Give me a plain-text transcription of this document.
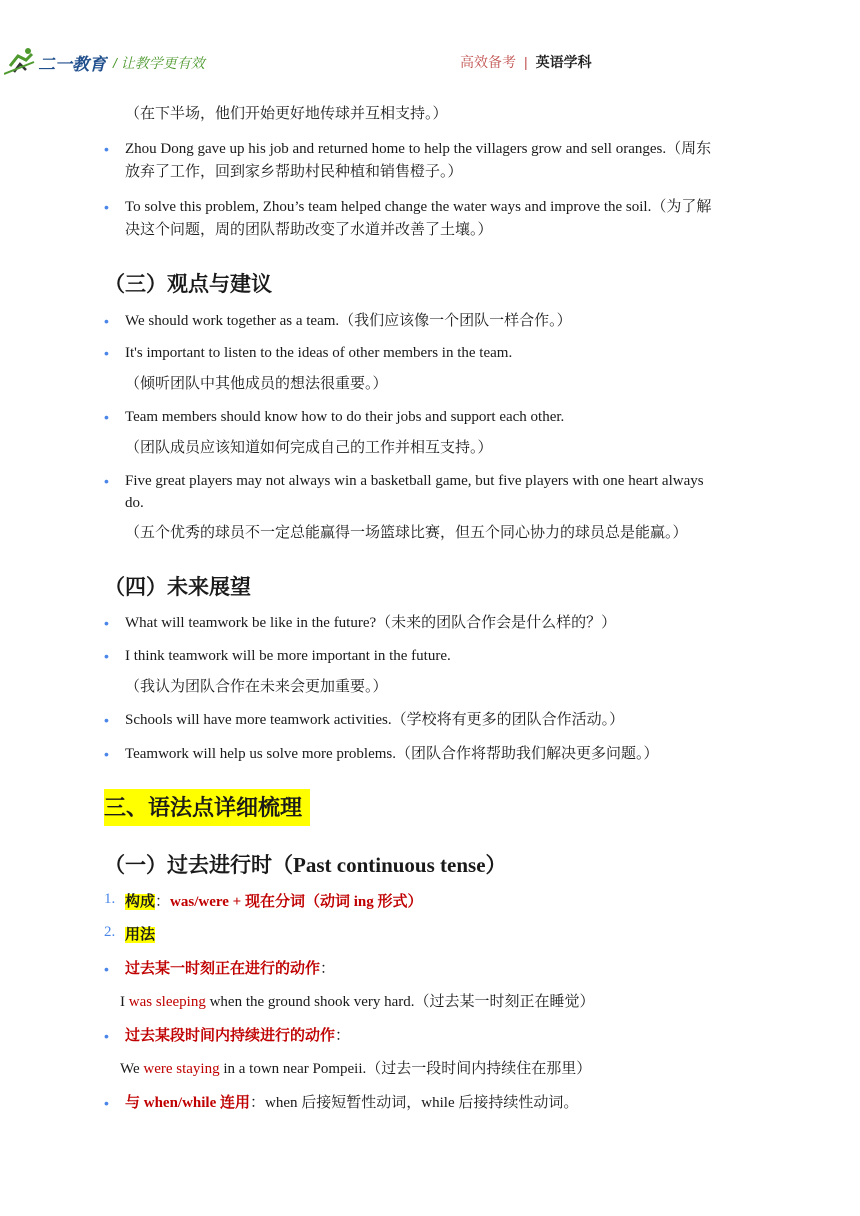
二一教育 / 让教学更有效	高效备考 | 英语学科
（在下半场，他们开始更好地传球并互相支持。）
• Zhou Dong gave up his job and returned home to help the villagers grow and sell oranges.（周东
放弃了工作，回到家乡帮助村民种植和销售橙子。）
• To solve this problem, Zhou’s team helped change the water ways and improve the soil.（为了解
决这个问题，周的团队帮助改变了水道并改善了土壤。）
（三）观点与建议
• We should work together as a team.（我们应该像一个团队一样合作。）
• It's important to listen to the ideas of other members in the team.
（倾听团队中其他成员的想法很重要。）
• Team members should know how to do their jobs and support each other.
（团队成员应该知道如何完成自己的工作并相互支持。）
• Five great players may not always win a basketball game, but five players with one heart always
do.
（五个优秀的球员不一定总能赢得一场篮球比赛，但五个同心协力的球员总是能赢。）
（四）未来展望
• What will teamwork be like in the future?（未来的团队合作会是什么样的？）
• I think teamwork will be more important in the future.
（我认为团队合作在未来会更加重要。）
• Schools will have more teamwork activities.（学校将有更多的团队合作活动。）
• Teamwork will help us solve more problems.（团队合作将帮助我们解决更多问题。）
三、语法点详细梳理
（一）过去进行时（Past continuous tense）
1. 构成：was/were + 现在分词（动词 ing 形式）
2. 用法
• 过去某一时刻正在进行的动作：
I was sleeping when the ground shook very hard.（过去某一时刻正在睡觉）
• 过去某段时间内持续进行的动作：
We were staying in a town near Pompeii.（过去一段时间内持续住在那里）
• 与 when/while 连用：when 后接短暂性动词，while 后接持续性动词。
